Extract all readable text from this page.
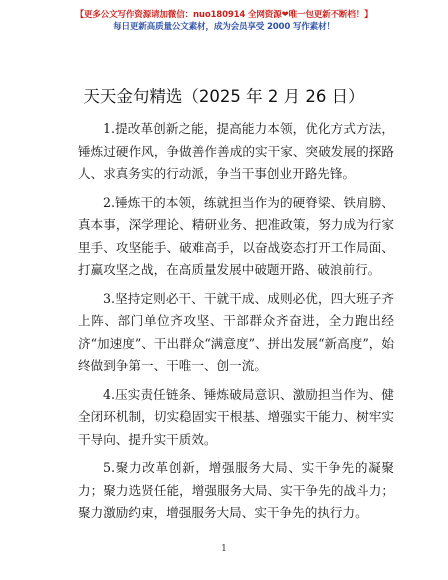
【更多公文写作资源请加微信：nuo180914 全网资源❤唯一包更新不断档！】
每日更新高质量公文素材，成为会员享受 2000 写作素材！
天天金句精选（2025 年 2 月 26 日）

1.提改革创新之能，提高能力本领，优化方式方法，锤炼过硬作风，争做善作善成的实干家、突破发展的探路人、求真务实的行动派，争当干事创业开路先锋。

2.锤炼干的本领，练就担当作为的硬脊梁、铁肩膀、真本事，深学理论、精研业务、把准政策，努力成为行家里手、攻坚能手、破难高手，以奋战姿态打开工作局面、打赢攻坚之战，在高质量发展中破题开路、破浪前行。

3.坚持定则必干、干就干成、成则必优，四大班子齐上阵、部门单位齐攻坚、干部群众齐奋进，全力跑出经济“加速度”、干出群众“满意度”、拼出发展“新高度”，始终做到争第一、干唯一、创一流。

4.压实责任链条、锤炼破局意识、激励担当作为、健全闭环机制，切实稳固实干根基、增强实干能力、树牢实干导向、提升实干质效。

5.聚力改革创新，增强服务大局、实干争先的凝聚力；聚力选贤任能，增强服务大局、实干争先的战斗力；聚力激励约束，增强服务大局、实干争先的执行力。

1
